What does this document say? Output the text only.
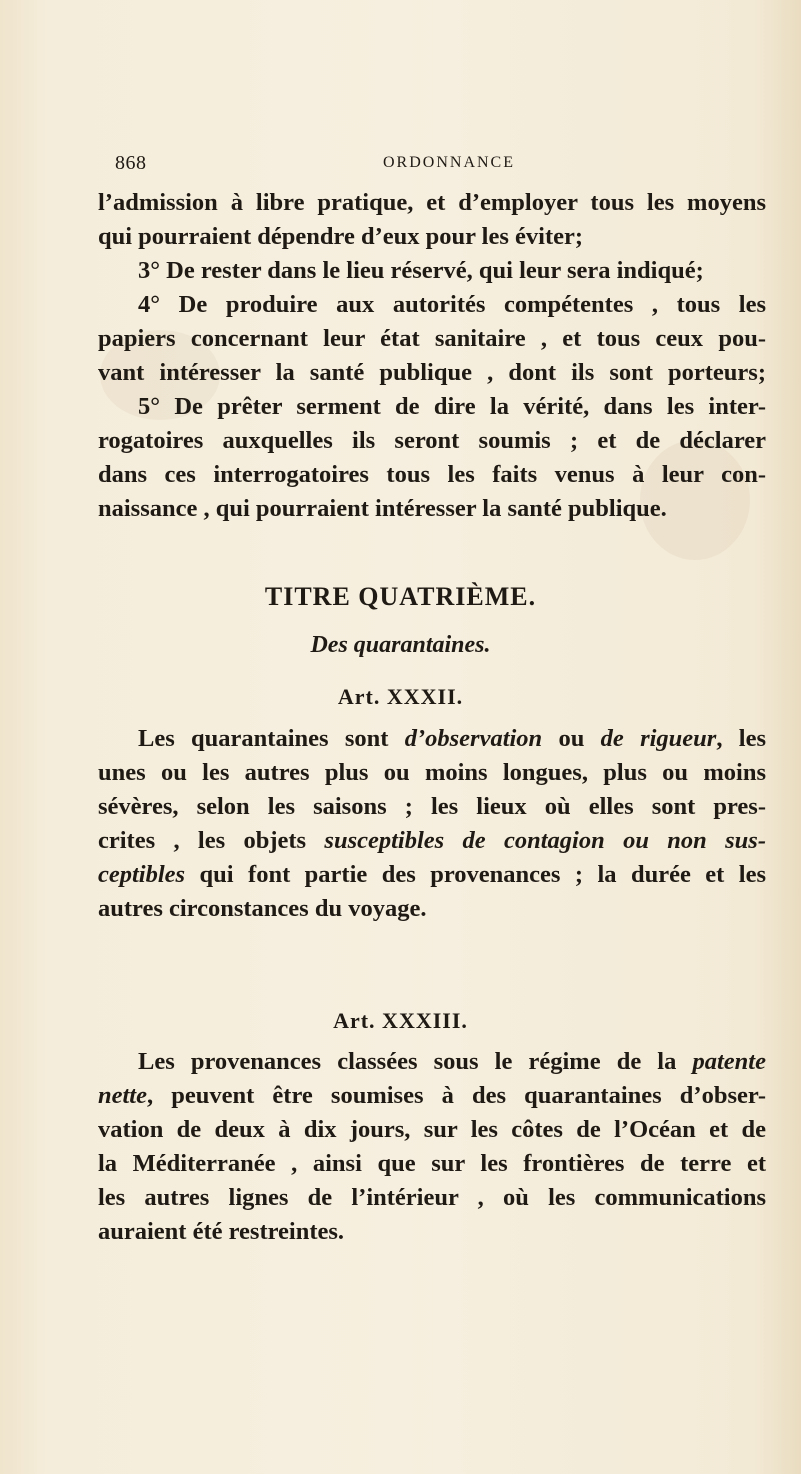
868	ORDONNANCE
l’admission à libre pratique, et d’employer tous les moyens
qui pourraient dépendre d’eux pour les éviter;
3° De rester dans le lieu réservé, qui leur sera indiqué;
4° De produire aux autorités compétentes , tous les
papiers concernant leur état sanitaire , et tous ceux pou-
vant intéresser la santé publique , dont ils sont porteurs;
5° De prêter serment de dire la vérité, dans les inter-
rogatoires auxquelles ils seront soumis ; et de déclarer
dans ces interrogatoires tous les faits venus à leur con-
naissance , qui pourraient intéresser la santé publique.
TITRE QUATRIÈME.
Des quarantaines.
Art. XXXII.
Les quarantaines sont d’observation ou de rigueur, les
unes ou les autres plus ou moins longues, plus ou moins
sévères, selon les saisons ; les lieux où elles sont pres-
crites , les objets susceptibles de contagion ou non sus-
ceptibles qui font partie des provenances ; la durée et les
autres circonstances du voyage.
Art. XXXIII.
Les provenances classées sous le régime de la patente
nette, peuvent être soumises à des quarantaines d’obser-
vation de deux à dix jours, sur les côtes de l’Océan et de
la Méditerranée , ainsi que sur les frontières de terre et
les autres lignes de l’intérieur , où les communications
auraient été restreintes.
